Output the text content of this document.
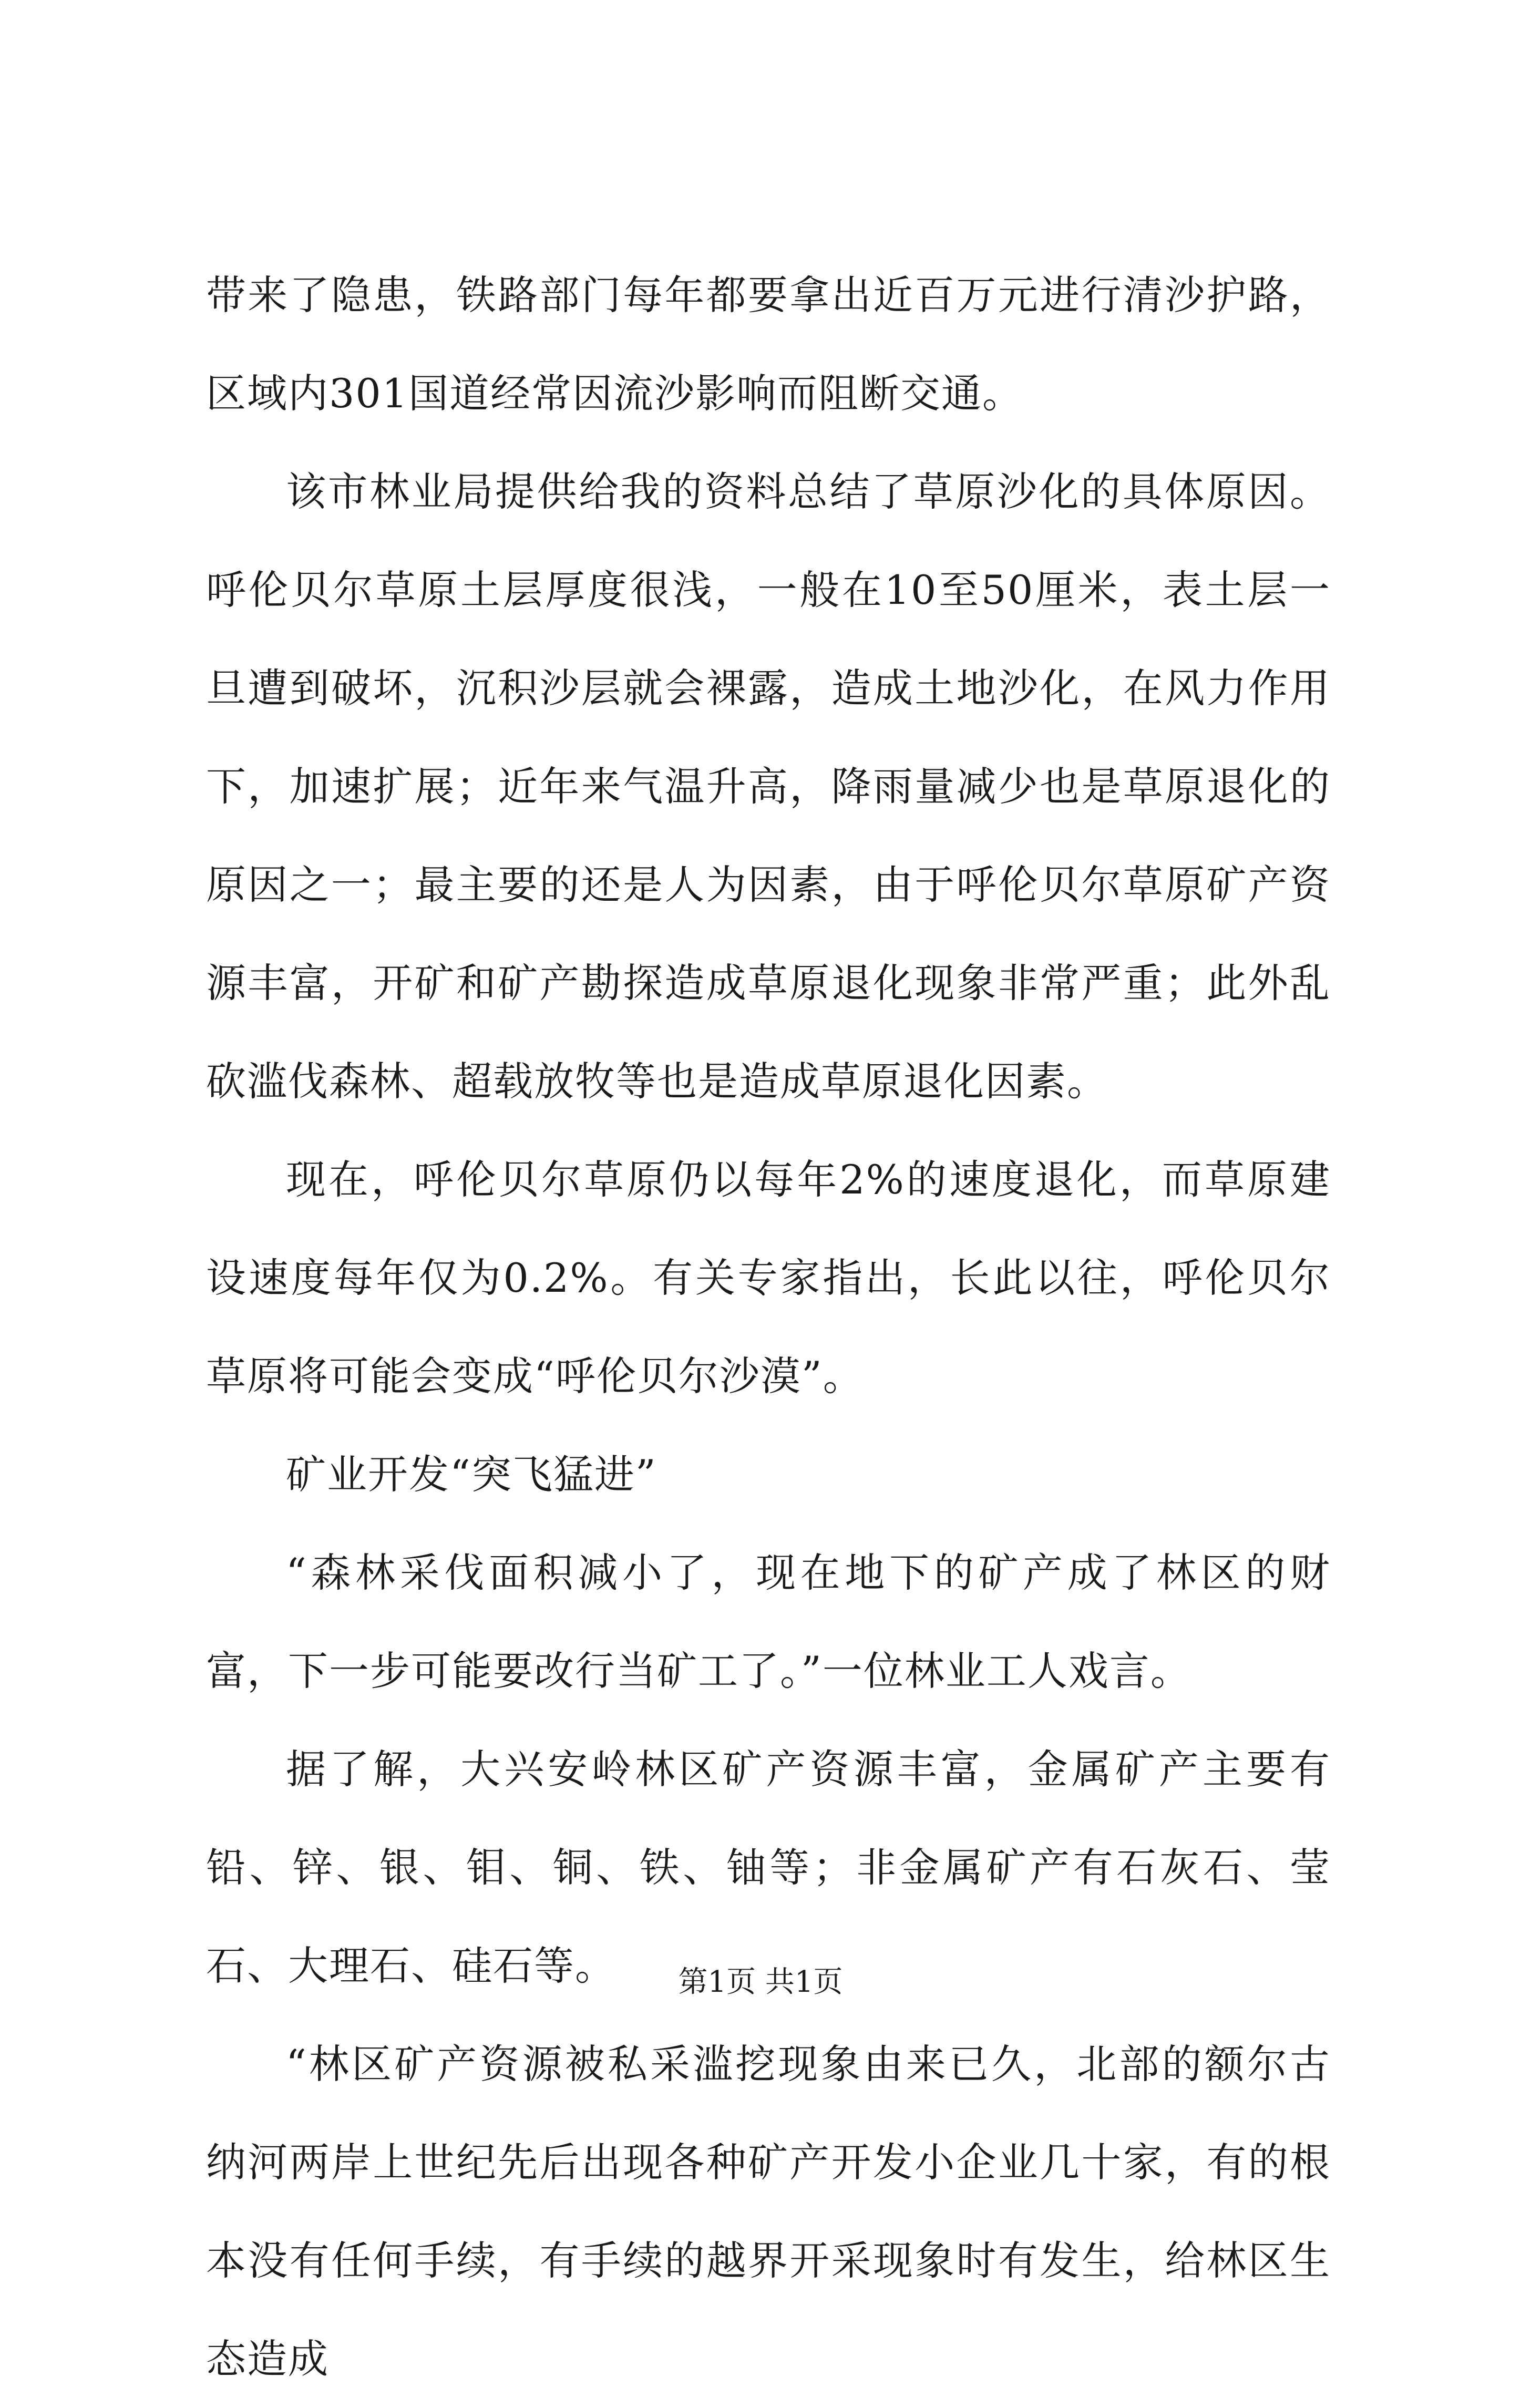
带来了隐患，铁路部门每年都要拿出近百万元进行清沙护路，区域内301国道经常因流沙影响而阻断交通。

该市林业局提供给我的资料总结了草原沙化的具体原因。呼伦贝尔草原土层厚度很浅，一般在10至50厘米，表土层一旦遭到破坏，沉积沙层就会裸露，造成土地沙化，在风力作用下，加速扩展；近年来气温升高，降雨量减少也是草原退化的原因之一；最主要的还是人为因素，由于呼伦贝尔草原矿产资源丰富，开矿和矿产勘探造成草原退化现象非常严重；此外乱砍滥伐森林、超载放牧等也是造成草原退化因素。

现在，呼伦贝尔草原仍以每年2%的速度退化，而草原建设速度每年仅为0.2%。有关专家指出，长此以往，呼伦贝尔草原将可能会变成“呼伦贝尔沙漠”。

矿业开发“突飞猛进”

“森林采伐面积减小了，现在地下的矿产成了林区的财富，下一步可能要改行当矿工了。”一位林业工人戏言。

据了解，大兴安岭林区矿产资源丰富，金属矿产主要有铅、锌、银、钼、铜、铁、铀等；非金属矿产有石灰石、莹石、大理石、硅石等。

“林区矿产资源被私采滥挖现象由来已久，北部的额尔古纳河两岸上世纪先后出现各种矿产开发小企业几十家，有的根本没有任何手续，有手续的越界开采现象时有发生，给林区生态造成

第1页 共1页
